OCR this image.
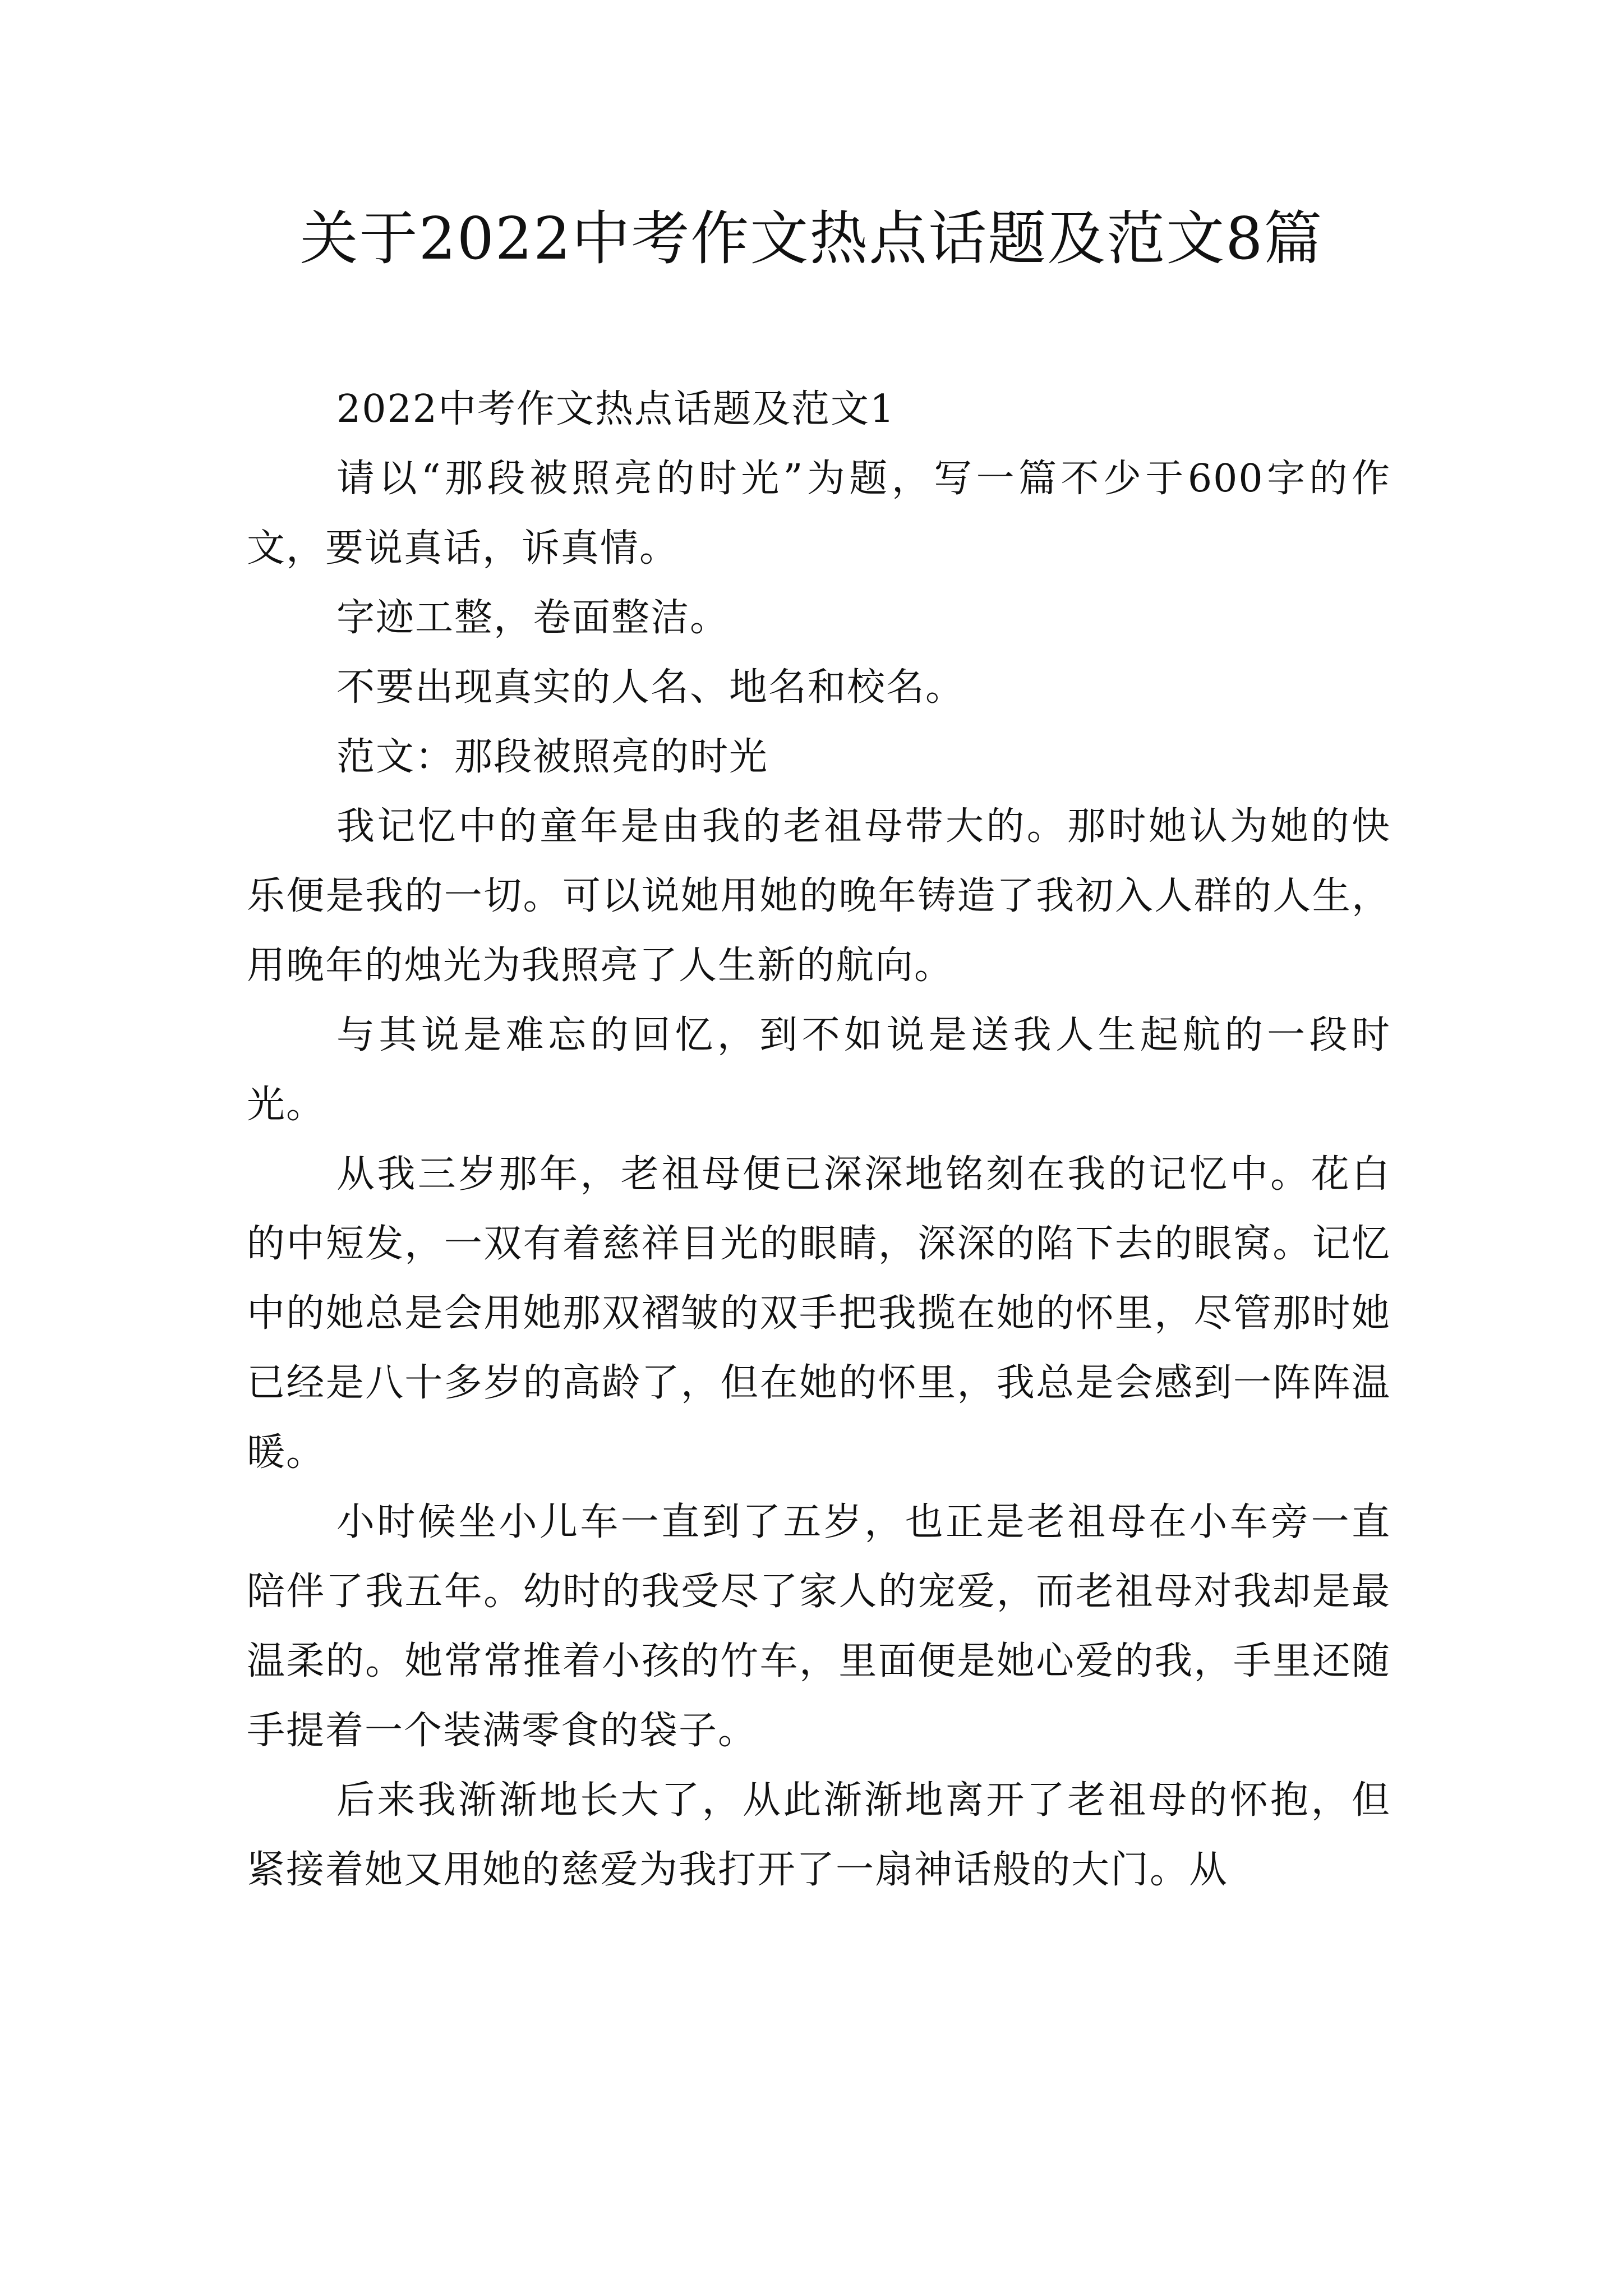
关于2022中考作文热点话题及范文8篇

2022中考作文热点话题及范文1

请以“那段被照亮的时光”为题，写一篇不少于600字的作文，要说真话，诉真情。

字迹工整，卷面整洁。

不要出现真实的人名、地名和校名。

范文：那段被照亮的时光

我记忆中的童年是由我的老祖母带大的。那时她认为她的快乐便是我的一切。可以说她用她的晚年铸造了我初入人群的人生，用晚年的烛光为我照亮了人生新的航向。

与其说是难忘的回忆，到不如说是送我人生起航的一段时光。

从我三岁那年，老祖母便已深深地铭刻在我的记忆中。花白的中短发，一双有着慈祥目光的眼睛，深深的陷下去的眼窝。记忆中的她总是会用她那双褶皱的双手把我揽在她的怀里，尽管那时她已经是八十多岁的高龄了，但在她的怀里，我总是会感到一阵阵温暖。

小时候坐小儿车一直到了五岁，也正是老祖母在小车旁一直陪伴了我五年。幼时的我受尽了家人的宠爱，而老祖母对我却是最温柔的。她常常推着小孩的竹车，里面便是她心爱的我，手里还随手提着一个装满零食的袋子。

后来我渐渐地长大了，从此渐渐地离开了老祖母的怀抱，但紧接着她又用她的慈爱为我打开了一扇神话般的大门。从
